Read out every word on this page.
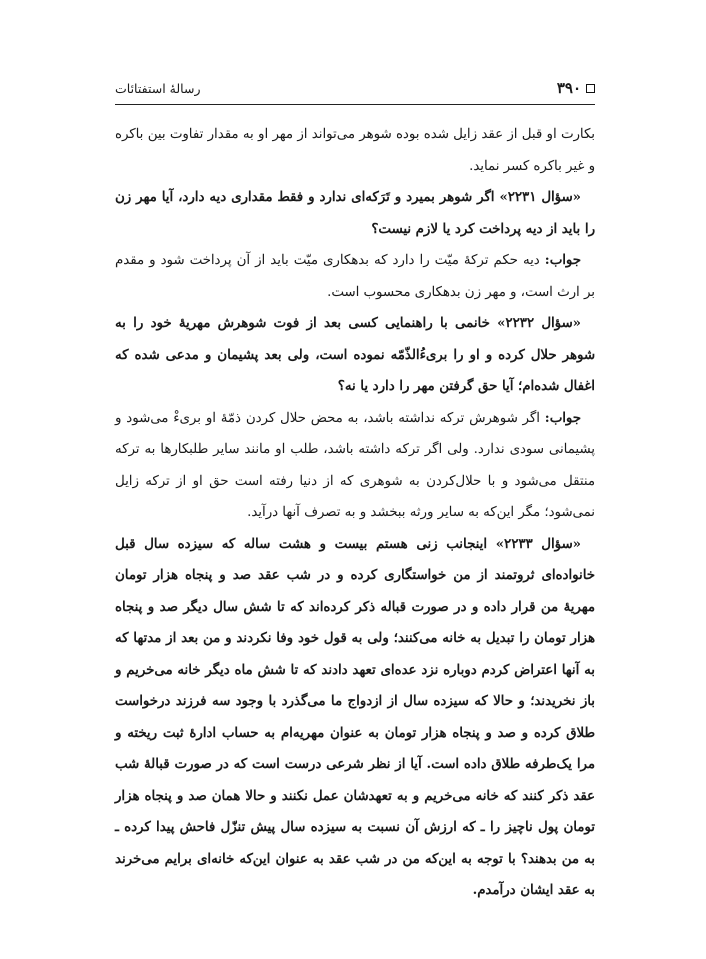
۳۹۰
رسالۀ استفتائات

بکارت او قبل از عقد زایل شده بوده شوهر می‌تواند از مهر او به مقدار تفاوت بین باکره و غیر باکره کسر نماید.

«سؤال ۲۲۳۱» اگر شوهر بمیرد و تَرَکه‌ای ندارد و فقط مقداری دیه دارد، آیا مهر زن را باید از دیه پرداخت کرد یا لازم نیست؟

جواب: دیه حکم ترکۀ میّت را دارد که بدهکاری میّت باید از آن پرداخت شود و مقدم بر ارث است، و مهر زن بدهکاری محسوب است.

«سؤال ۲۲۳۲» خانمی با راهنمایی کسی بعد از فوت شوهرش مهریۀ خود را به شوهر حلال کرده و او را بریءُالذّمّه نموده است، ولی بعد پشیمان و مدعی شده که اغفال شده‌ام؛ آیا حق گرفتن مهر را دارد یا نه؟

جواب: اگر شوهرش ترکه نداشته باشد، به محض حلال کردن ذمّۀ او بریءْ می‌شود و پشیمانی سودی ندارد. ولی اگر ترکه داشته باشد، طلب او مانند سایر طلبکارها به ترکه منتقل می‌شود و با حلال‌کردن به شوهری که از دنیا رفته است حق او از ترکه زایل نمی‌شود؛ مگر این‌که به سایر ورثه ببخشد و به تصرف آنها درآید.

«سؤال ۲۲۳۳» اینجانب زنی هستم بیست و هشت ساله که سیزده سال قبل خانواده‌ای ثروتمند از من خواستگاری کرده و در شب عقد صد و پنجاه هزار تومان مهریۀ من قرار داده و در صورت قباله ذکر کرده‌اند که تا شش سال دیگر صد و پنجاه هزار تومان را تبدیل به خانه می‌کنند؛ ولی به قول خود وفا نکردند و من بعد از مدتها که به آنها اعتراض کردم دوباره نزد عده‌ای تعهد دادند که تا شش ماه دیگر خانه می‌خریم و باز نخریدند؛ و حالا که سیزده سال از ازدواج ما می‌گذرد با وجود سه فرزند درخواست طلاق کرده و صد و پنجاه هزار تومان به عنوان مهریه‌ام به حساب ادارۀ ثبت ریخته و مرا یک‌طرفه طلاق داده است. آیا از نظر شرعی درست است که در صورت قبالۀ شب عقد ذکر کنند که خانه می‌خریم و به تعهدشان عمل نکنند و حالا همان صد و پنجاه هزار تومان پول ناچیز را ـ که ارزش آن نسبت به سیزده سال پیش تنزّل فاحش پیدا کرده ـ به من بدهند؟ با توجه به این‌که من در شب عقد به عنوان این‌که خانه‌ای برایم می‌خرند به عقد ایشان درآمدم.
